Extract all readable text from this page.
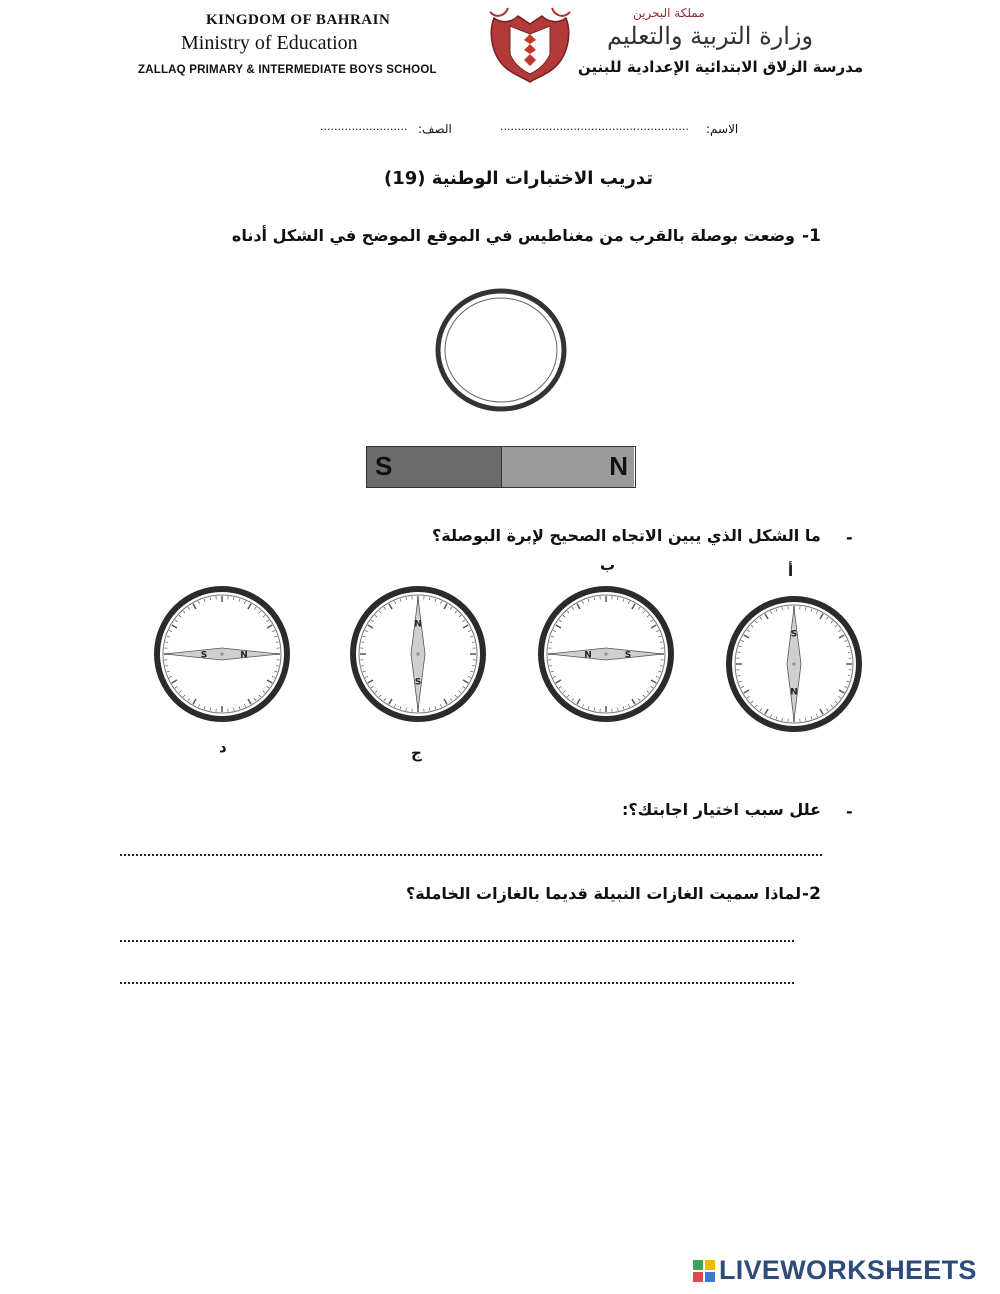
KINGDOM OF BAHRAIN
Ministry of Education
ZALLAQ PRIMARY & INTERMEDIATE BOYS SCHOOL
مملكة البحرين
وزارة التربية والتعليم
مدرسة الزلاق الابتدائية الإعدادية للبنين
الاسم:
......................................................
الصف:
.........................
تدريب الاختبارات الوطنية (19)
1-
وضعت بوصلة بالقرب من مغناطيس في الموقع الموضح في الشكل أدناه
S	N
-
ما الشكل الذي يبين الاتجاه الصحيح لإبرة البوصلة؟
أ
ب
ج
د
S
N
N	S
N
S
S	N
-
علل سبب اختيار اجابتك؟:
2-
لماذا سميت الغازات النبيلة قديما بالغازات الخاملة؟
LIVEWORKSHEETS
